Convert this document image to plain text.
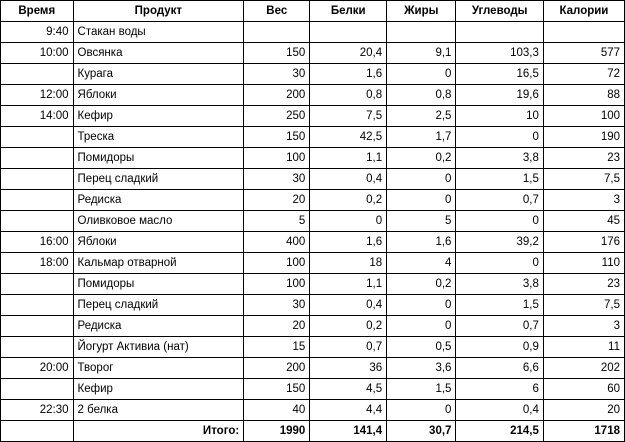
Время	Продукт	Вес	Белки	Жиры	Углеводы	Калории
9:40	Стакан воды					
10:00	Овсянка	150	20,4	9,1	103,3	577
	Курага	30	1,6	0	16,5	72
12:00	Яблоки	200	0,8	0,8	19,6	88
14:00	Кефир	250	7,5	2,5	10	100
	Треска	150	42,5	1,7	0	190
	Помидоры	100	1,1	0,2	3,8	23
	Перец сладкий	30	0,4	0	1,5	7,5
	Редиска	20	0,2	0	0,7	3
	Оливковое масло	5	0	5	0	45
16:00	Яблоки	400	1,6	1,6	39,2	176
18:00	Кальмар отварной	100	18	4	0	110
	Помидоры	100	1,1	0,2	3,8	23
	Перец сладкий	30	0,4	0	1,5	7,5
	Редиска	20	0,2	0	0,7	3
	Йогурт Активиа (нат)	15	0,7	0,5	0,9	11
20:00	Творог	200	36	3,6	6,6	202
	Кефир	150	4,5	1,5	6	60
22:30	2 белка	40	4,4	0	0,4	20
	Итого:	1990	141,4	30,7	214,5	1718
